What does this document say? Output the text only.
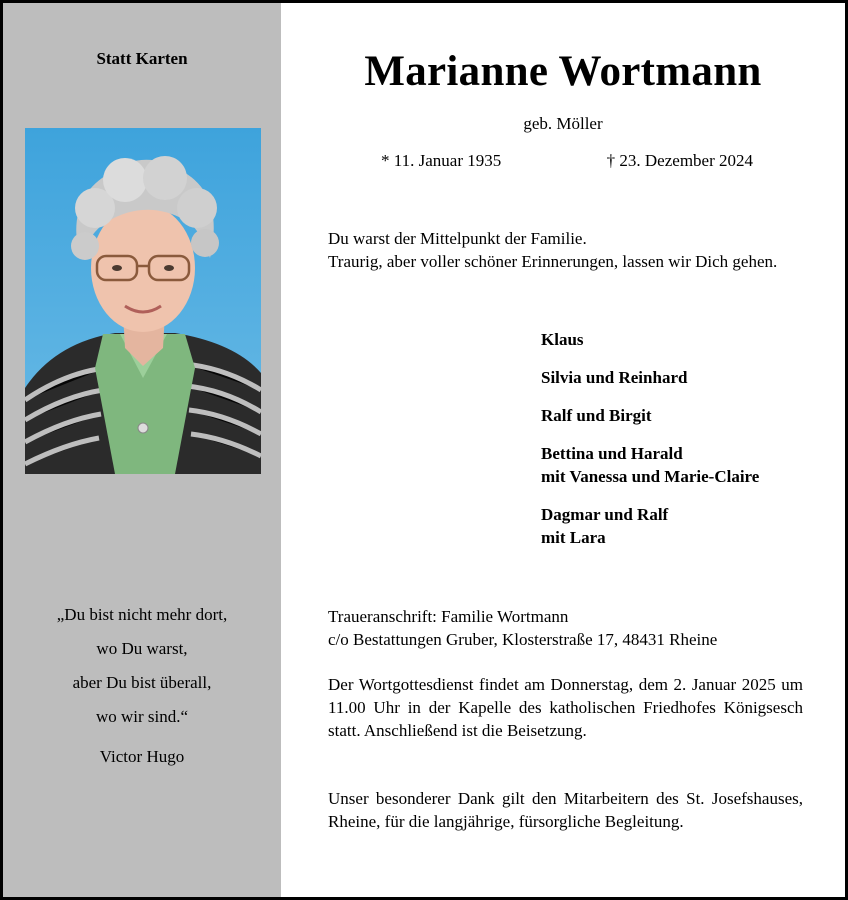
Statt Karten
„Du bist nicht mehr dort,
wo Du warst,
aber Du bist überall,
wo wir sind.“
Victor Hugo
Marianne Wortmann
geb. Möller
* 11. Januar 1935	† 23. Dezember 2024

Du warst der Mittelpunkt der Familie.

Traurig, aber voller schöner Erinnerungen, lassen wir Dich gehen.

Klaus
Silvia und Reinhard
Ralf und Birgit
Bettina und Harald
mit Vanessa und Marie-Claire
Dagmar und Ralf
mit Lara

Traueranschrift: Familie Wortmann

c/o Bestattungen Gruber, Klosterstraße 17, 48431 Rheine

Der Wortgottesdienst findet am Donnerstag, dem 2. Januar 2025 um 11.00 Uhr in der Kapelle des katholischen Friedhofes Königsesch statt. Anschließend ist die Beisetzung.

Unser besonderer Dank gilt den Mitarbeitern des St. Josefshauses, Rheine, für die langjährige, fürsorgliche Begleitung.
